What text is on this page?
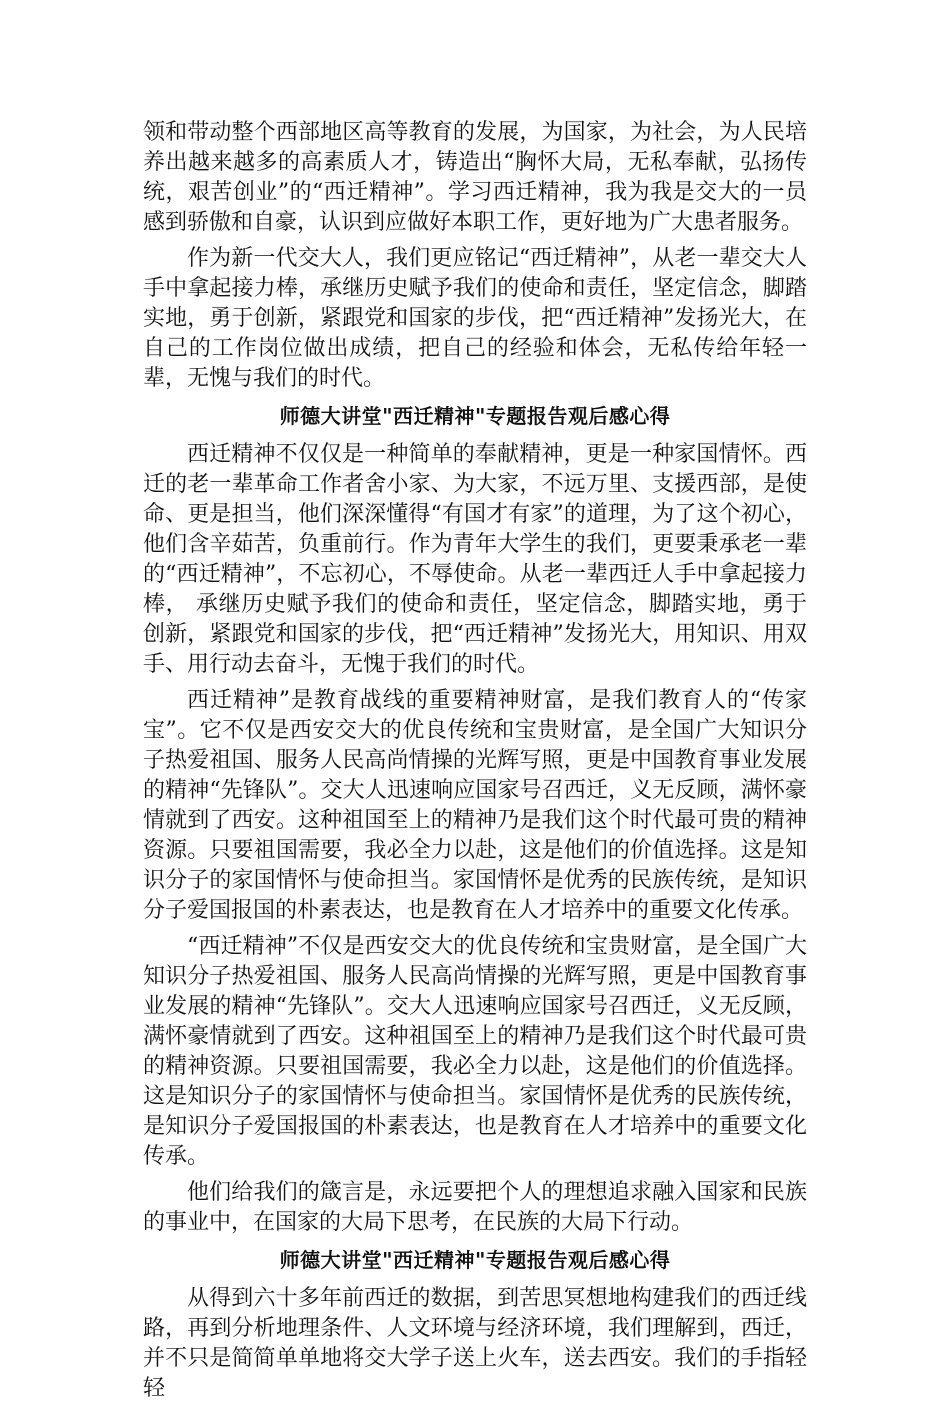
领和带动整个西部地区高等教育的发展，为国家，为社会，为人民培养出越来越多的高素质人才，铸造出“胸怀大局，无私奉献，弘扬传统，艰苦创业”的“西迁精神”。学习西迁精神，我为我是交大的一员感到骄傲和自豪，认识到应做好本职工作，更好地为广大患者服务。

作为新一代交大人，我们更应铭记“西迁精神”，从老一辈交大人手中拿起接力棒，承继历史赋予我们的使命和责任，坚定信念，脚踏实地，勇于创新，紧跟党和国家的步伐，把“西迁精神”发扬光大，在自己的工作岗位做出成绩，把自己的经验和体会，无私传给年轻一辈，无愧与我们的时代。

师德大讲堂"西迁精神"专题报告观后感心得

西迁精神不仅仅是一种简单的奉献精神，更是一种家国情怀。西迁的老一辈革命工作者舍小家、为大家，不远万里、支援西部，是使命、更是担当，他们深深懂得“有国才有家”的道理，为了这个初心，他们含辛茹苦，负重前行。作为青年大学生的我们，更要秉承老一辈的“西迁精神”，不忘初心，不辱使命。从老一辈西迁人手中拿起接力棒， 承继历史赋予我们的使命和责任，坚定信念，脚踏实地，勇于创新，紧跟党和国家的步伐，把“西迁精神”发扬光大，用知识、用双手、用行动去奋斗，无愧于我们的时代。

西迁精神”是教育战线的重要精神财富，是我们教育人的“传家宝”。它不仅是西安交大的优良传统和宝贵财富，是全国广大知识分子热爱祖国、服务人民高尚情操的光辉写照，更是中国教育事业发展的精神“先锋队”。交大人迅速响应国家号召西迁，义无反顾，满怀豪情就到了西安。这种祖国至上的精神乃是我们这个时代最可贵的精神资源。只要祖国需要，我必全力以赴，这是他们的价值选择。这是知识分子的家国情怀与使命担当。家国情怀是优秀的民族传统，是知识分子爱国报国的朴素表达，也是教育在人才培养中的重要文化传承。

“西迁精神”不仅是西安交大的优良传统和宝贵财富，是全国广大知识分子热爱祖国、服务人民高尚情操的光辉写照，更是中国教育事业发展的精神“先锋队”。交大人迅速响应国家号召西迁，义无反顾，满怀豪情就到了西安。这种祖国至上的精神乃是我们这个时代最可贵的精神资源。只要祖国需要，我必全力以赴，这是他们的价值选择。这是知识分子的家国情怀与使命担当。家国情怀是优秀的民族传统，是知识分子爱国报国的朴素表达，也是教育在人才培养中的重要文化传承。

他们给我们的箴言是，永远要把个人的理想追求融入国家和民族的事业中，在国家的大局下思考，在民族的大局下行动。

师德大讲堂"西迁精神"专题报告观后感心得

从得到六十多年前西迁的数据，到苦思冥想地构建我们的西迁线路，再到分析地理条件、人文环境与经济环境，我们理解到，西迁，并不只是简简单单地将交大学子送上火车，送去西安。我们的手指轻轻
